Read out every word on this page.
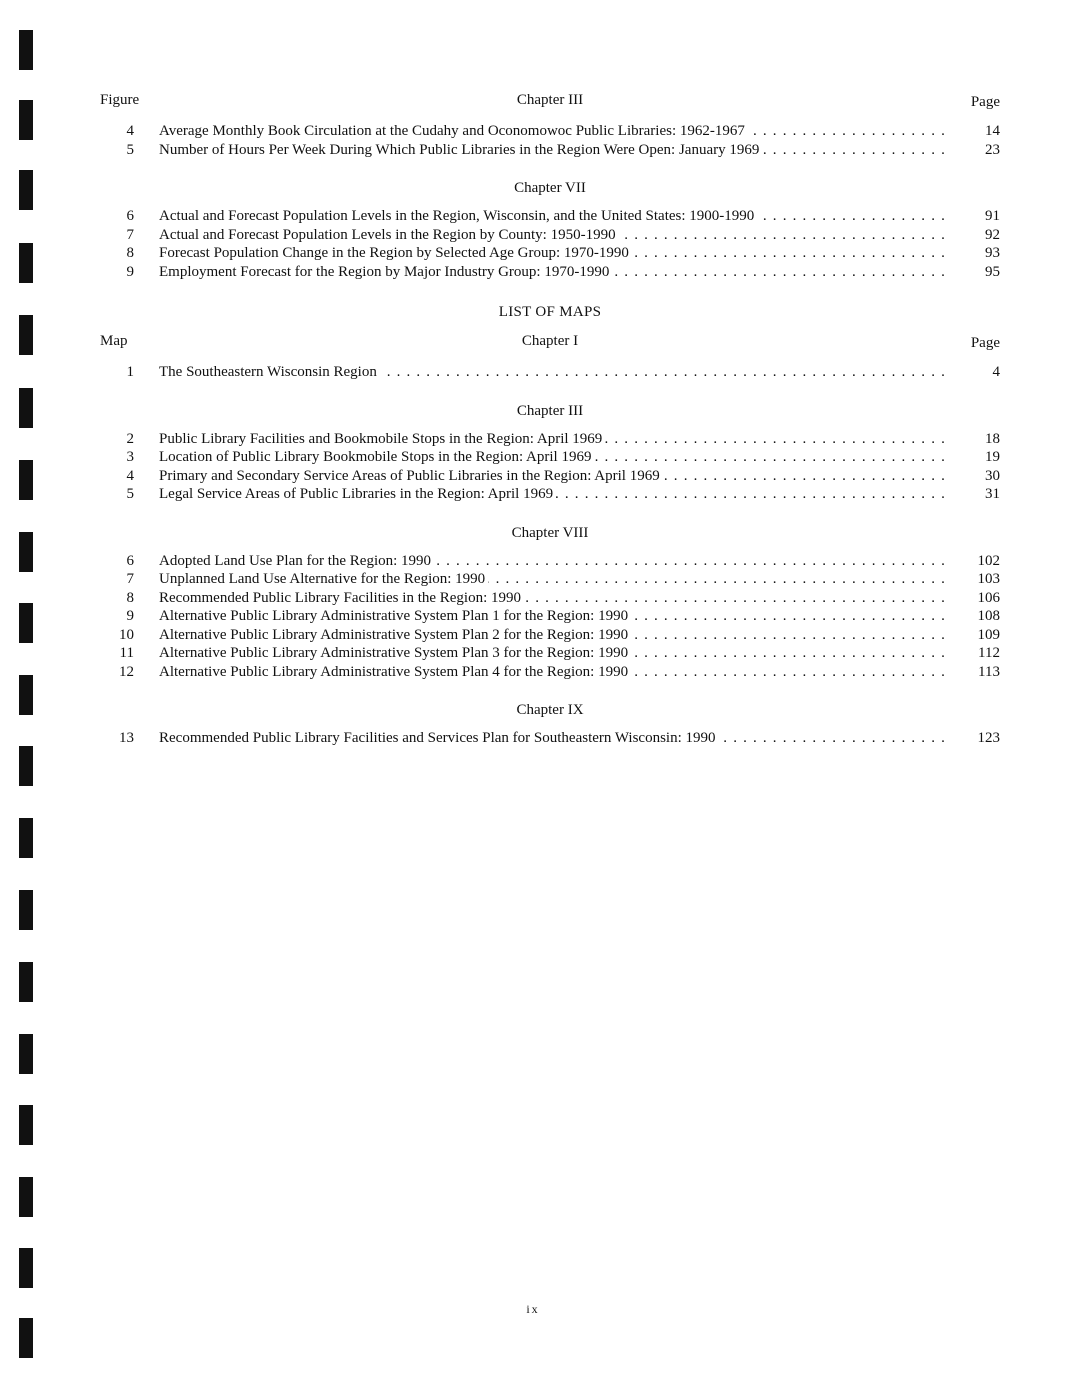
Figure	Chapter III	Page
4 Average Monthly Book Circulation at the Cudahy and Oconomowoc Public Libraries: 1962-1967 . . .	14
5 Number of Hours Per Week During Which Public Libraries in the Region Were Open: January 1969 . . .	23
Chapter VII
6 Actual and Forecast Population Levels in the Region, Wisconsin, and the United States: 1900-1990 . . .	91
7 Actual and Forecast Population Levels in the Region by County: 1950-1990 . . .	92
8 Forecast Population Change in the Region by Selected Age Group: 1970-1990 . . .	93
9 Employment Forecast for the Region by Major Industry Group: 1970-1990 . . .	95
LIST OF MAPS
Map	Chapter I	Page
1 The Southeastern Wisconsin Region . . .	4
Chapter III
2 Public Library Facilities and Bookmobile Stops in the Region: April 1969 . . .	18
3 Location of Public Library Bookmobile Stops in the Region: April 1969 . . .	19
4 Primary and Secondary Service Areas of Public Libraries in the Region: April 1969 . . .	30
5 Legal Service Areas of Public Libraries in the Region: April 1969 . . .	31
Chapter VIII
6 Adopted Land Use Plan for the Region: 1990 . . .	102
7 Unplanned Land Use Alternative for the Region: 1990 . . .	103
8 Recommended Public Library Facilities in the Region: 1990 . . .	106
9 Alternative Public Library Administrative System Plan 1 for the Region: 1990 . . .	108
10 Alternative Public Library Administrative System Plan 2 for the Region: 1990 . . .	109
11 Alternative Public Library Administrative System Plan 3 for the Region: 1990 . . .	112
12 Alternative Public Library Administrative System Plan 4 for the Region: 1990 . . .	113
Chapter IX
13 Recommended Public Library Facilities and Services Plan for Southeastern Wisconsin: 1990 . . .	123
ix
